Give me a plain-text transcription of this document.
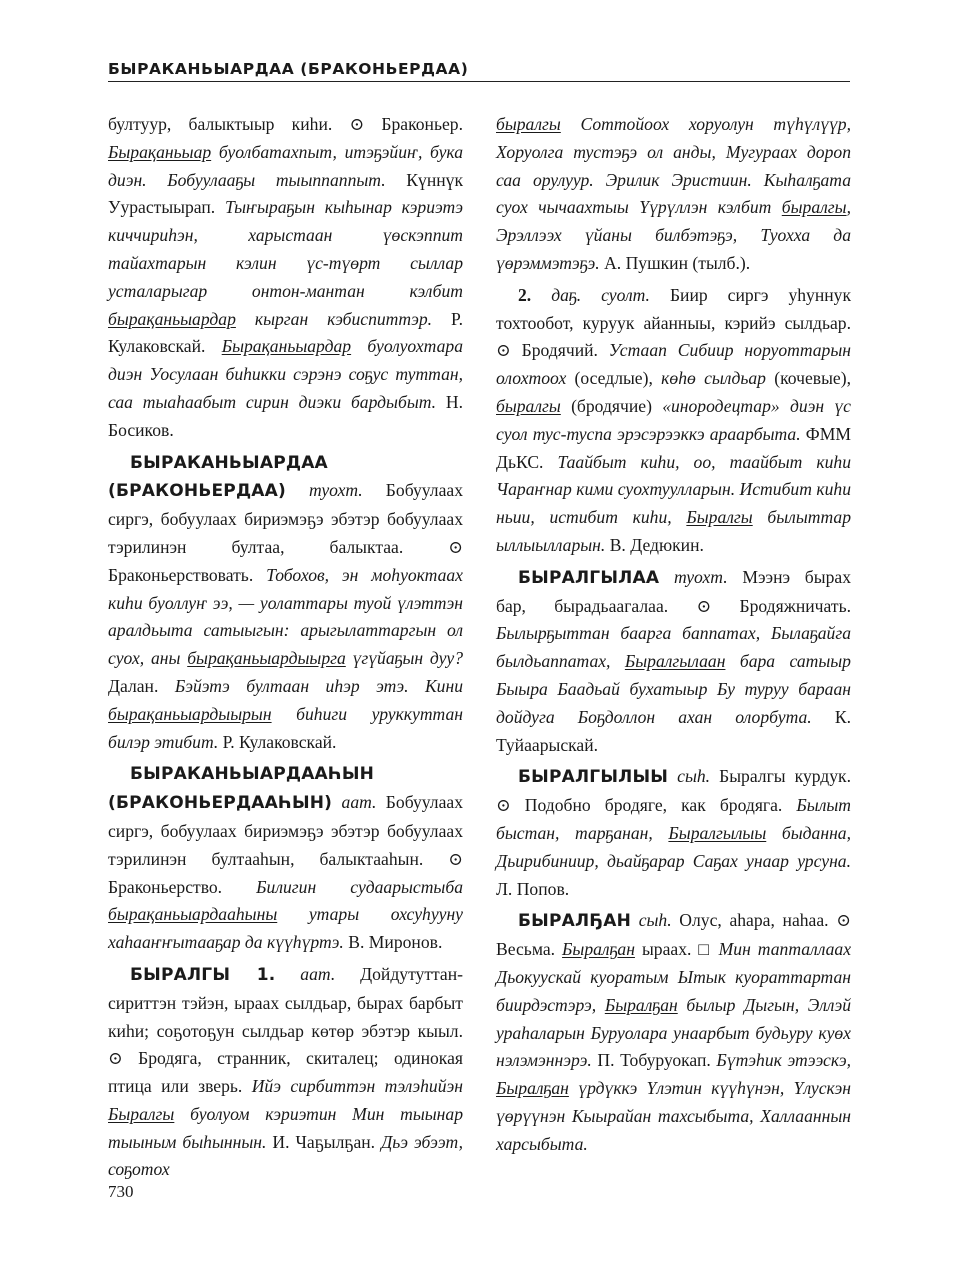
БЫРАКАНЬЫАРДАА (БРАКОНЬЕРДАА)

бултуур, балыктыыр киһи. ⊙ Браконьер. Бырақаньыар буолбатахпыт, итэҕэйиҥ, бука диэн. Бобуулааҕы тыыппаппыт. Күннүк Уурастыырап. Тыҥыраҕын кыһынар кэриэтэ киччириһэн, харыстаан үөскэппит тайахтарын кэлин үс-түөрт сыллар усталарыгар онтон-мантан кэлбит бырақаньыардар кырган кэбиспиттэр. Р. Кулаковскай. Бырақаньыардар буолуохтара диэн Уосулаан биһикки сэрэнэ соҕус туттан, саа тыаһаабыт сирин диэки бардыбыт. Н. Босиков.

БЫРАКАНЬЫАРДАА (БРАКОНЬЕРДАА) туохт. Бобуулаах сиргэ, бобуулаах бириэмэҕэ эбэтэр бобуулаах тэрилинэн бултаа, балыктаа. ⊙ Браконьерствовать. Тобохов, эн моһуоктаах киһи буоллуҥ ээ, — уолаттары туой үлэттэн аралдьыта сатыыгын: арыгылаттаргын ол суох, аны бырақаньыардыыргa үгүйаҕын дуу? Далан. Бэйэтэ бултаан иһэр этэ. Кини бырақаньыардыырын биһиги уруккуттан билэр этибит. Р. Кулаковскай.

БЫРАКАНЬЫАРДААҺЫН (БРАКОНЬЕРДААҺЫН) аат. Бобуулаах сиргэ, бобуулаах бириэмэҕэ эбэтэр бобуулаах тэрилинэн бултааһын, балыктааһын. ⊙ Браконьерство. Билигин судаарыстыба бырақаньыардааһыны утары охсуһууну хаһааҥҥытааҕар да күүһүртэ. В. Миронов.

БЫРАЛГЫ 1. аат. Дойдутуттан-сириттэн тэйэн, ыраах сылдьар, бырах барбыт киһи; соҕотоҕун сылдьар көтөр эбэтэр кыыл. ⊙ Бродяга, странник, скиталец; одинокая птица или зверь. Ийэ сирбиттэн тэлэһийэн Быралгы буолуом кэриэтин Мин тыынар тыыным быһыннын. И. Чаҕылҕан. Дьэ эбээт, соҕотох

быралгы Соттойоох хоруолун түһүлүүр, Хоруолга тустэҕэ ол анды, Мугураах дороп саа орулуур. Эрилик Эристиин. Кыһалҕата суох чычаахтыы Үүрүллэн кэлбит быралгы, Эрэллээх үйаны билбэтэҕэ, Туохха да үөрэммэтэҕэ. А. Пушкин (тылб.).

2. даҕ. суолт. Биир сиргэ уһуннук тохтообот, куруук айанныы, кэрийэ сылдьар. ⊙ Бродячий. Устаап Сибиир норуоттарын олохтоох (оседлые), көһө сылдьар (кочевые), быралгы (бродячие) «инородецтар» диэн үс суол тус-туспа эрэсэрээккэ араарбыта. ФММ ДьКС. Таайбыт киһи, оо, таайбыт киһи Чараҥнар кими суохтуулларын. Истибит киһи ньии, истибит киһи, Быралгы былыттар ыллыылларын. В. Дедюкин.

БЫРАЛГЫЛАА туохт. Мээнэ бырах бар, бырадьаагалаа. ⊙ Бродяжничать. Былырҕыттан баарга баппатах, Былаҕайга былдьаппатах, Быралгылаан бара сатыыр Быыра Баадьай бухатыыр Бу туруу бараан дойдуга Боҕдоллон ахан олорбута. К. Туйаарыскай.

БЫРАЛГЫЛЫЫ сыһ. Быралгы курдук. ⊙ Подобно бродяге, как бродяга. Былыт быстан, тарҕанан, Быралгылыы быданна, Дьирибиниир, дьайҕарар Саҕах унаар урсуна. Л. Попов.

БЫРАЛҔАН сыһ. Олус, аһара, наһаа. ⊙ Весьма. Быралҕан ыраах. □ Мин тапталлаах Дьокуускай куоратым Ытык куораттартан биирдэстэрэ, Быралҕан былыр Дыгын, Эллэй ураһаларын Буруолара унаарбыт будьуру куөх нэлэмэннэрэ. П. Тобуруокап. Бүтэһик этээскэ, Быралҕан үрдүккэ Үлэтин күүһүнэн, Үлускэн үөрүүнэн Кыырайан тахсыбыта, Халлааннын харсыбыта.

730
